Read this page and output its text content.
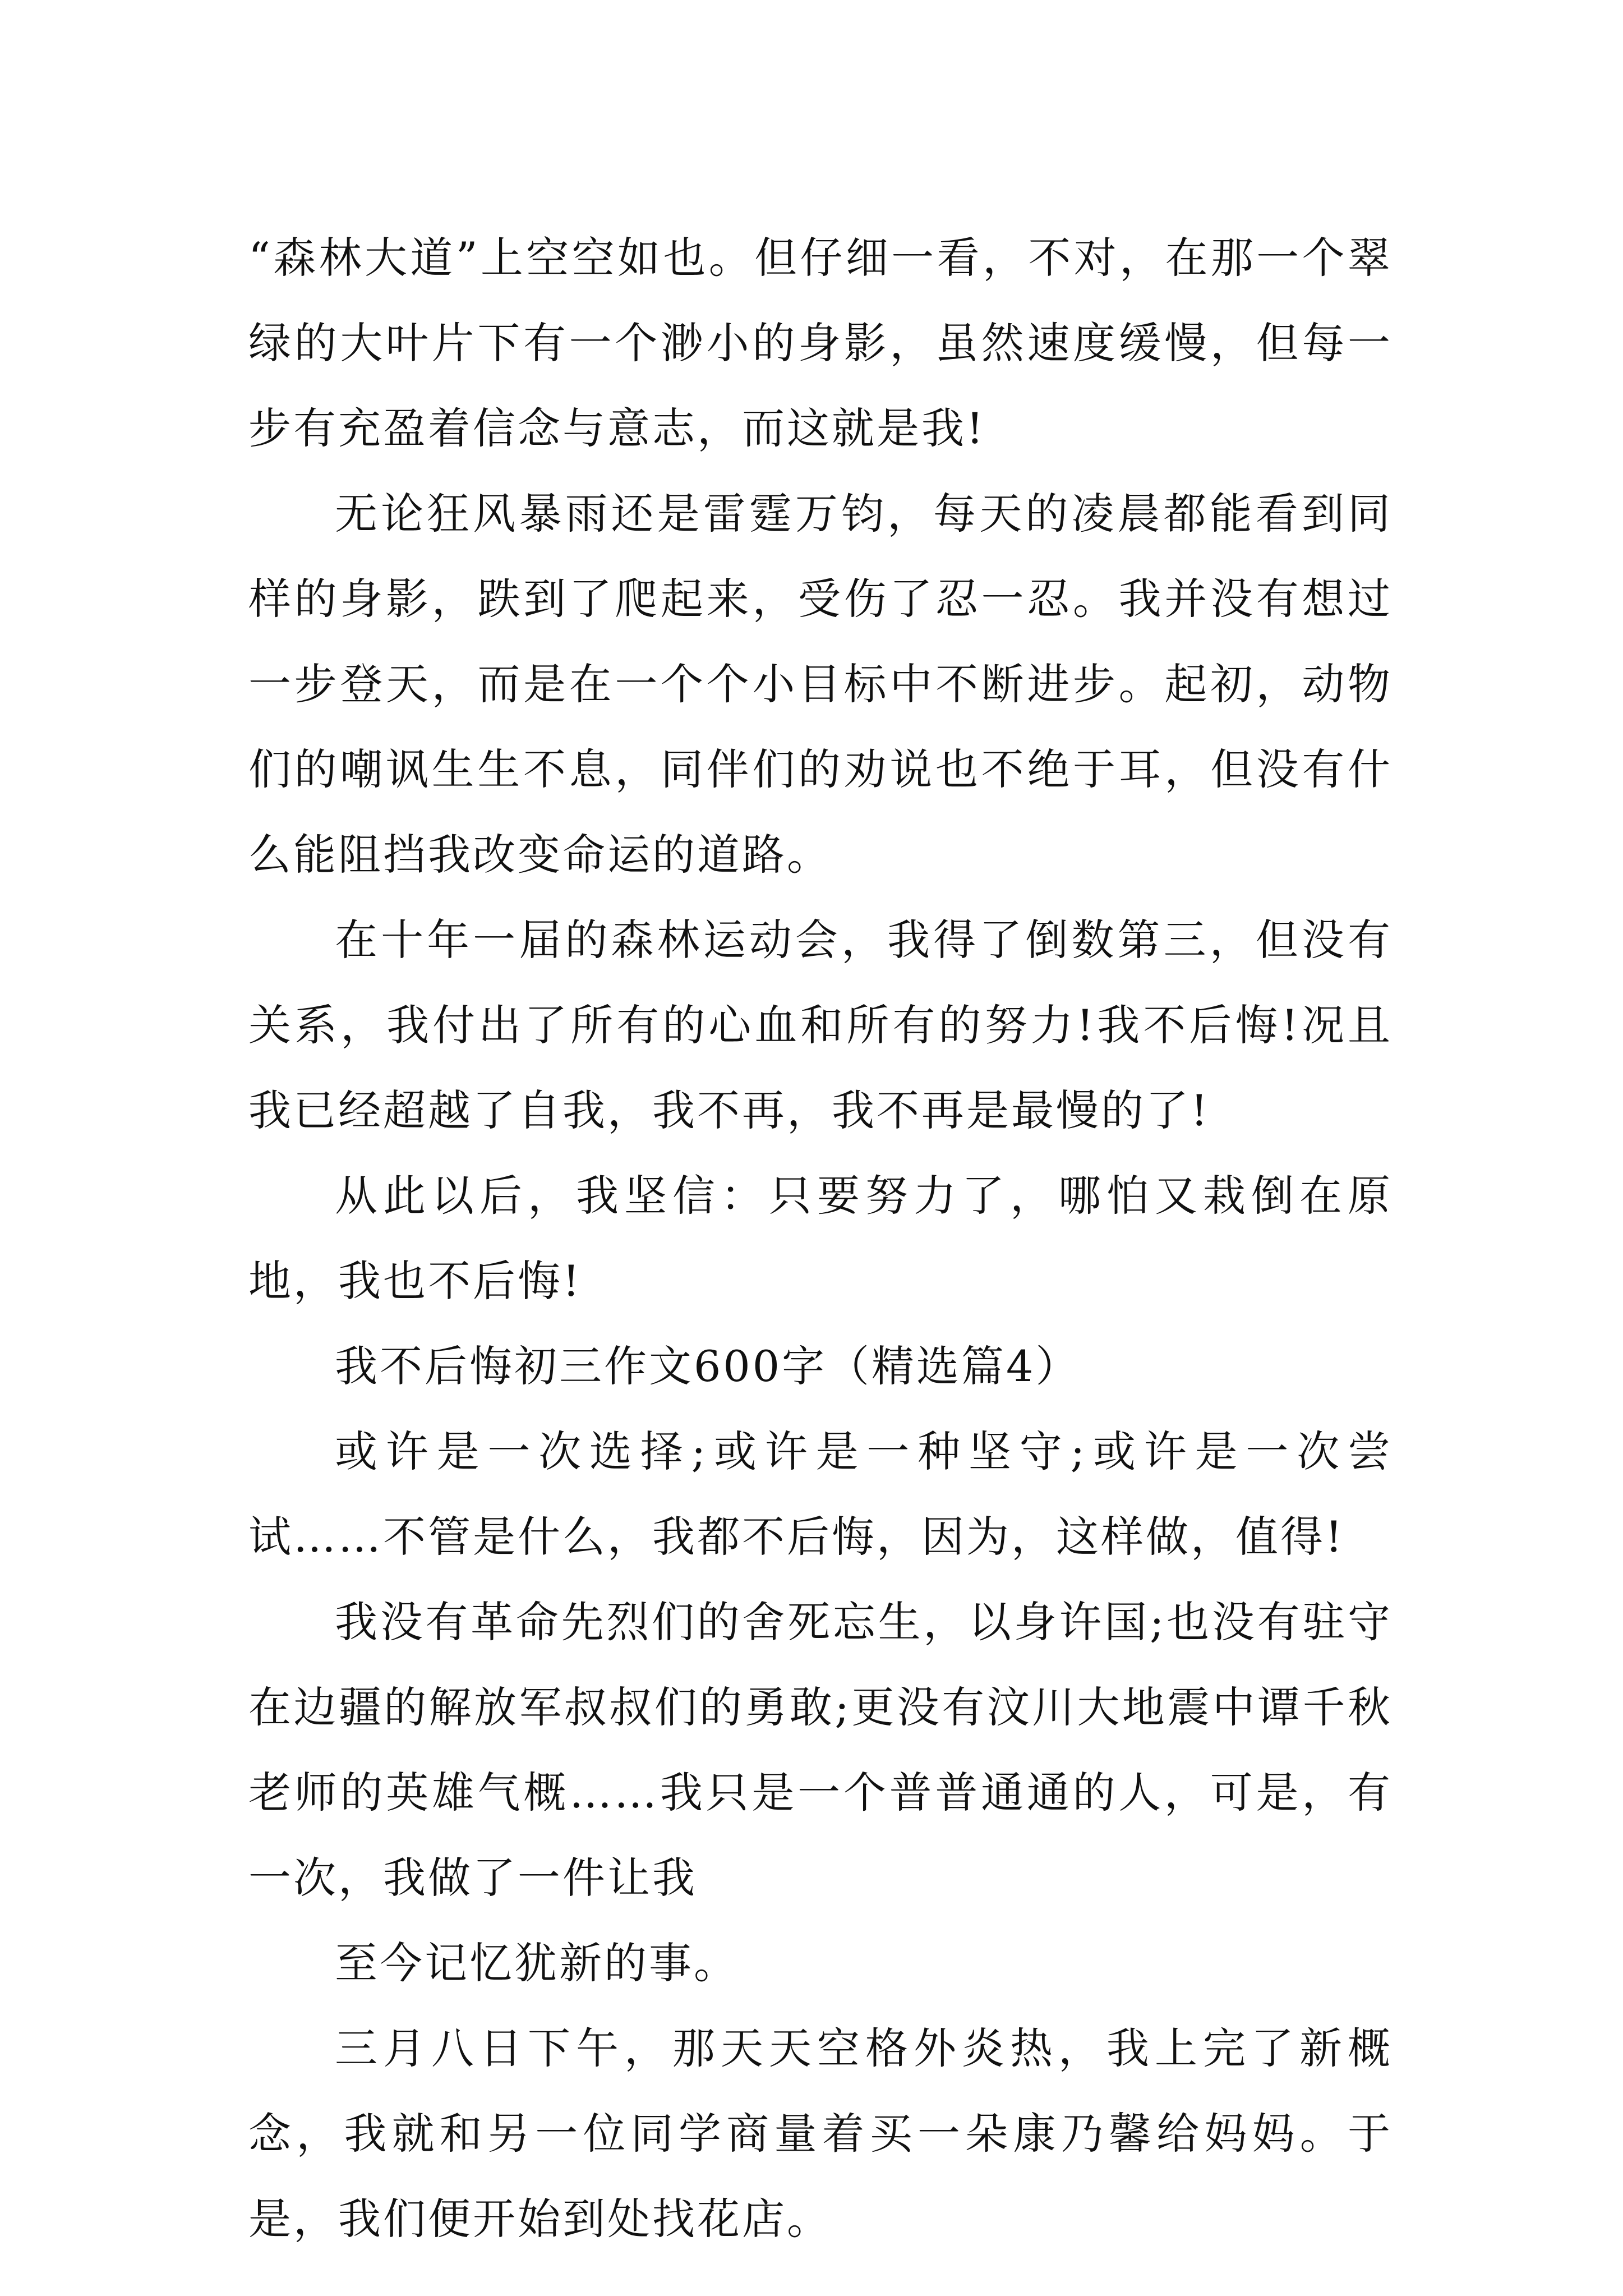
“森林大道”上空空如也。但仔细一看，不对，在那一个翠绿的大叶片下有一个渺小的身影，虽然速度缓慢，但每一步有充盈着信念与意志，而这就是我!

无论狂风暴雨还是雷霆万钧，每天的凌晨都能看到同样的身影，跌到了爬起来，受伤了忍一忍。我并没有想过一步登天，而是在一个个小目标中不断进步。起初，动物们的嘲讽生生不息，同伴们的劝说也不绝于耳，但没有什么能阻挡我改变命运的道路。

在十年一届的森林运动会，我得了倒数第三，但没有关系，我付出了所有的心血和所有的努力!我不后悔!况且我已经超越了自我，我不再，我不再是最慢的了!

从此以后，我坚信：只要努力了，哪怕又栽倒在原地，我也不后悔!

我不后悔初三作文600字（精选篇4）

或许是一次选择;或许是一种坚守;或许是一次尝试……不管是什么，我都不后悔，因为，这样做，值得!

我没有革命先烈们的舍死忘生，以身许国;也没有驻守在边疆的解放军叔叔们的勇敢;更没有汶川大地震中谭千秋老师的英雄气概……我只是一个普普通通的人，可是，有一次，我做了一件让我

至今记忆犹新的事。

三月八日下午，那天天空格外炎热，我上完了新概念，我就和另一位同学商量着买一朵康乃馨给妈妈。于是，我们便开始到处找花店。
